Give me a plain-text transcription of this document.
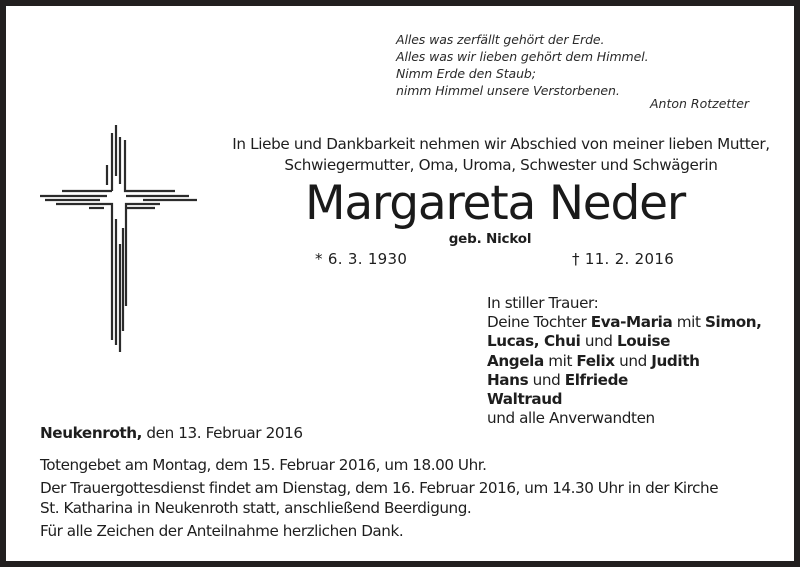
Alles was zerfällt gehört der Erde.
Alles was wir lieben gehört dem Himmel.
Nimm Erde den Staub;
nimm Himmel unsere Verstorbenen.
Anton Rotzetter
In Liebe und Dankbarkeit nehmen wir Abschied von meiner lieben Mutter,
Schwiegermutter, Oma, Uroma, Schwester und Schwägerin
Margareta Neder
geb. Nickol
* 6. 3. 1930	† 11. 2. 2016
In stiller Trauer:
Deine Tochter Eva-Maria mit Simon,
Lucas, Chui und Louise
Angela mit Felix und Judith
Hans und Elfriede
Waltraud
und alle Anverwandten
Neukenroth, den 13. Februar 2016
Totengebet am Montag, dem 15. Februar 2016, um 18.00 Uhr.
Der Trauergottesdienst findet am Dienstag, dem 16. Februar 2016, um 14.30 Uhr in der Kirche
St. Katharina in Neukenroth statt, anschließend Beerdigung.
Für alle Zeichen der Anteilnahme herzlichen Dank.
